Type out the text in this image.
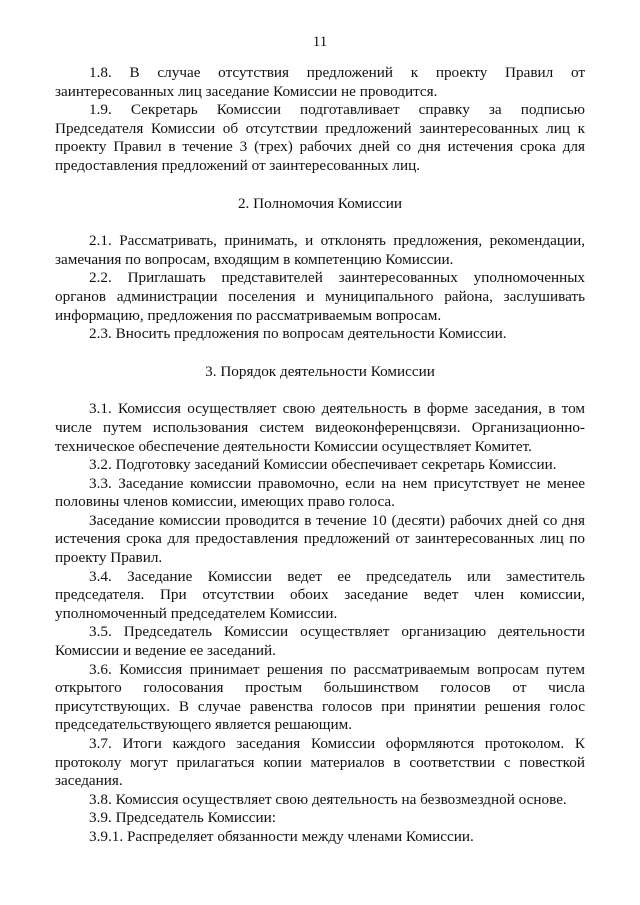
11

1.8. В случае отсутствия предложений к проекту Правил от заинтересованных лиц заседание Комиссии не проводится.

1.9. Секретарь Комиссии подготавливает справку за подписью Председателя Комиссии об отсутствии предложений заинтересованных лиц к проекту Правил в течение 3 (трех) рабочих дней со дня истечения срока для предоставления предложений от заинтересованных лиц.

2. Полномочия Комиссии

2.1. Рассматривать, принимать, и отклонять предложения, рекомендации, замечания по вопросам, входящим в компетенцию Комиссии.

2.2. Приглашать представителей заинтересованных уполномоченных органов администрации поселения и муниципального района, заслушивать информацию, предложения по рассматриваемым вопросам.

2.3. Вносить предложения по вопросам деятельности Комиссии.

3. Порядок деятельности Комиссии

3.1. Комиссия осуществляет свою деятельность в форме заседания, в том числе путем использования систем видеоконференцсвязи. Организационно-техническое обеспечение деятельности Комиссии осуществляет Комитет.

3.2. Подготовку заседаний Комиссии обеспечивает секретарь Комиссии.

3.3. Заседание комиссии правомочно, если на нем присутствует не менее половины членов комиссии, имеющих право голоса.

Заседание комиссии проводится в течение 10 (десяти) рабочих дней со дня истечения срока для предоставления предложений от заинтересованных лиц по проекту Правил.

3.4. Заседание Комиссии ведет ее председатель или заместитель председателя. При отсутствии обоих заседание ведет член комиссии, уполномоченный председателем Комиссии.

3.5. Председатель Комиссии осуществляет организацию деятельности Комиссии и ведение ее заседаний.

3.6. Комиссия принимает решения по рассматриваемым вопросам путем открытого голосования простым большинством голосов от числа присутствующих. В случае равенства голосов при принятии решения голос председательствующего является решающим.

3.7. Итоги каждого заседания Комиссии оформляются протоколом. К протоколу могут прилагаться копии материалов в соответствии с повесткой заседания.

3.8. Комиссия осуществляет свою деятельность на безвозмездной основе.

3.9. Председатель Комиссии:

3.9.1. Распределяет обязанности между членами Комиссии.
